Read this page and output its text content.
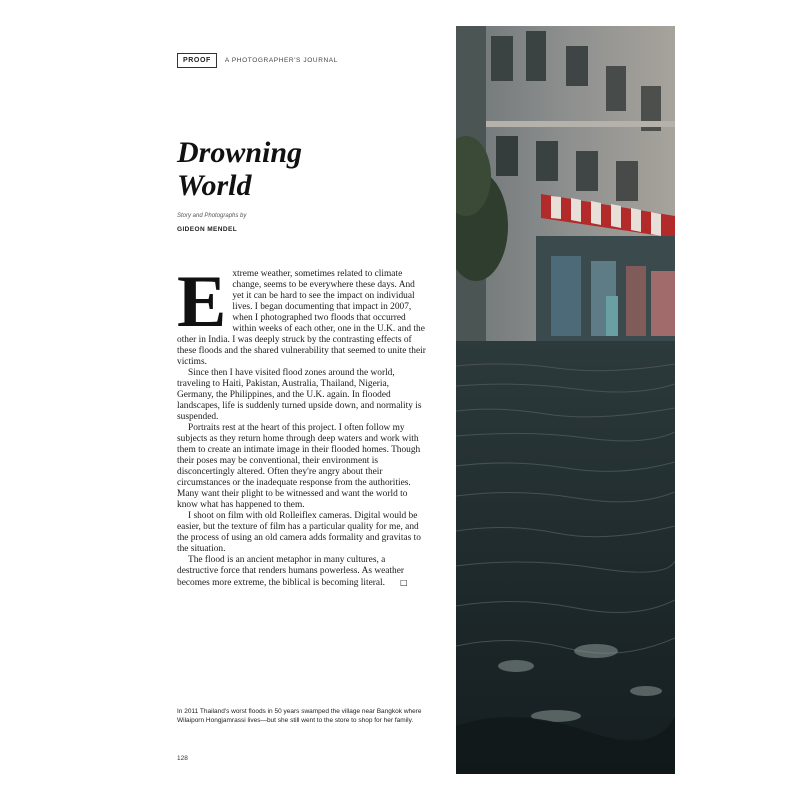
PROOF	A PHOTOGRAPHER'S JOURNAL
Drowning
World
Story and Photographs by
GIDEON MENDEL

Extreme weather, sometimes related to climate change, seems to be everywhere these days. And yet it can be hard to see the impact on individual lives. I began documenting that impact in 2007, when I photographed two floods that occurred within weeks of each other, one in the U.K. and the other in India. I was deeply struck by the contrasting effects of these floods and the shared vulnerability that seemed to unite their victims.

Since then I have visited flood zones around the world, traveling to Haiti, Pakistan, Australia, Thailand, Nigeria, Germany, the Philippines, and the U.K. again. In flooded landscapes, life is suddenly turned upside down, and normality is suspended.

Portraits rest at the heart of this project. I often follow my subjects as they return home through deep waters and work with them to create an intimate image in their flooded homes. Though their poses may be conventional, their environment is disconcertingly altered. Often they're angry about their circumstances or the inadequate response from the authorities. Many want their plight to be witnessed and want the world to know what has happened to them.

I shoot on film with old Rolleiflex cameras. Digital would be easier, but the texture of film has a particular quality for me, and the process of using an old camera adds formality and gravitas to the situation.

The flood is an ancient metaphor in many cultures, a destructive force that renders humans powerless. As weather becomes more extreme, the biblical is becoming literal. □

In 2011 Thailand's worst floods in 50 years swamped the village near Bangkok where Wilaiporn Hongjamrassi lives—but she still went to the store to shop for her family.
128
